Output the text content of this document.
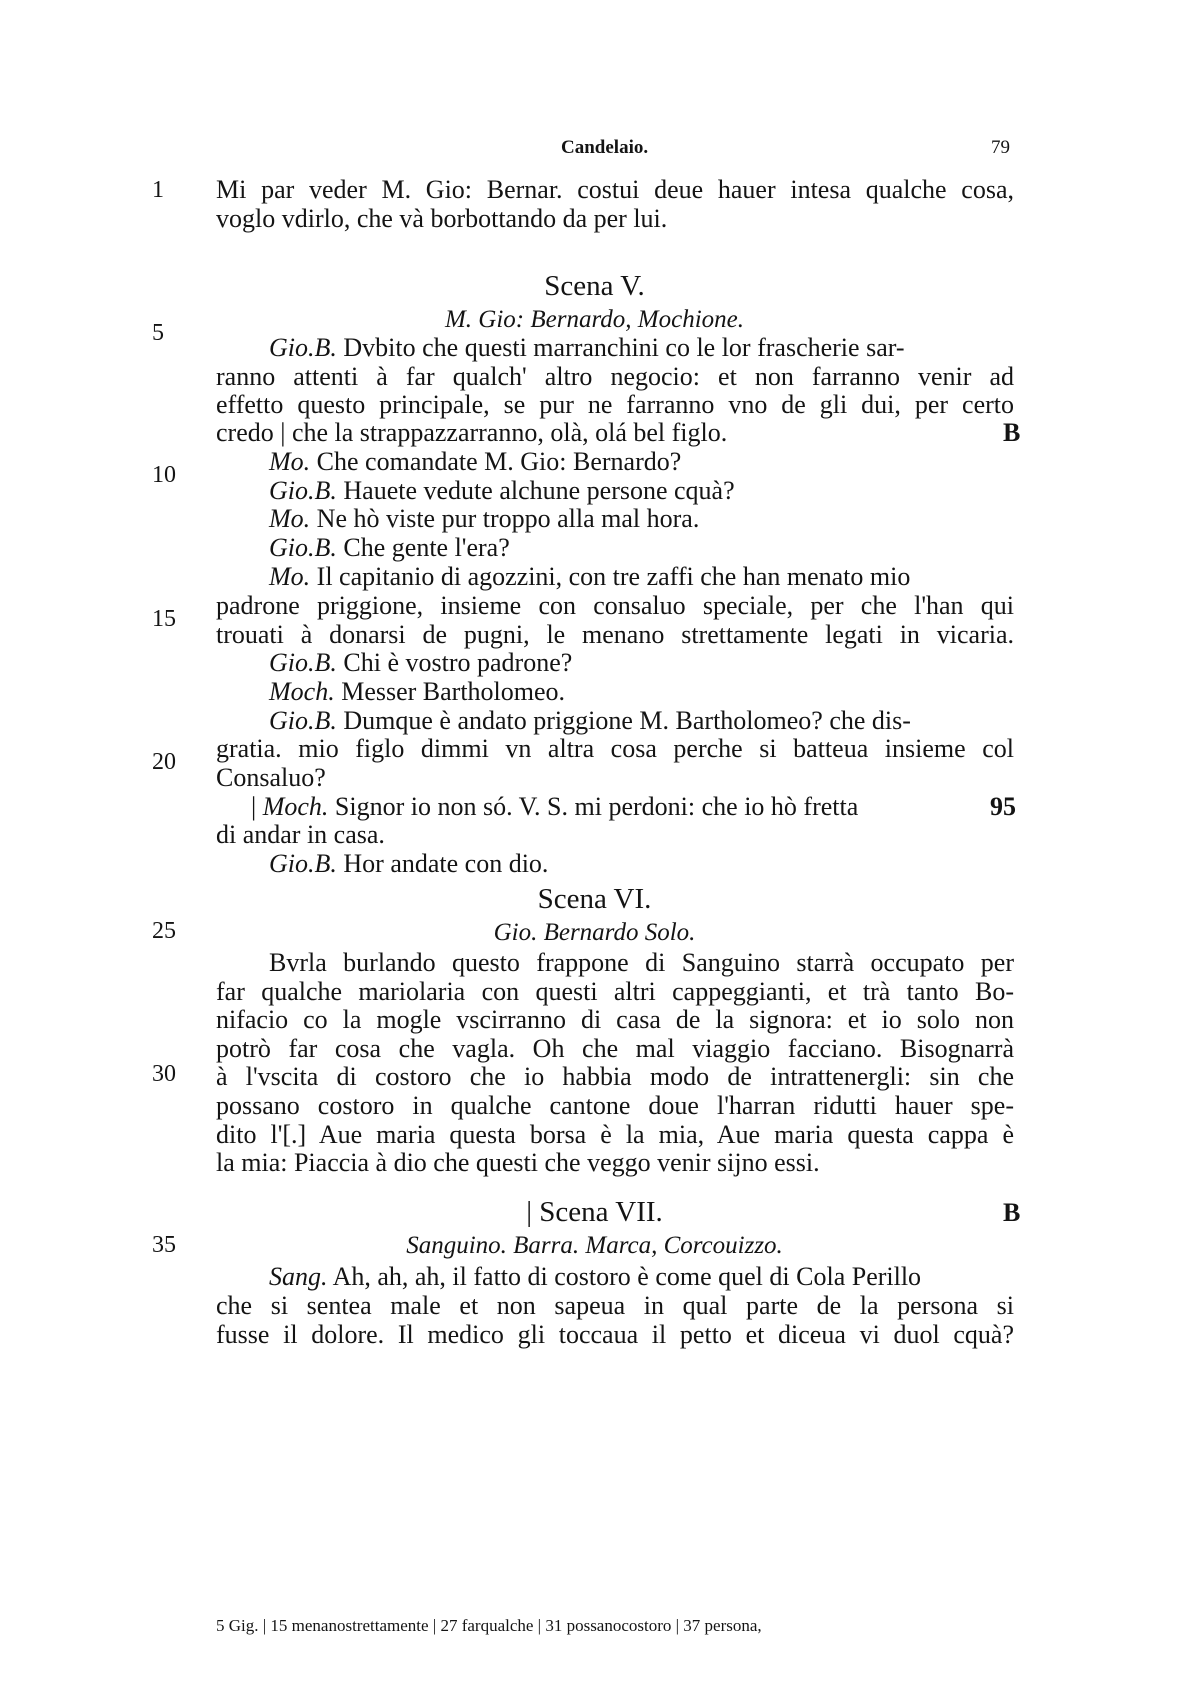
Candelaio.	79
1
5
10
15
20
25
30
35
Mi par veder M. Gio: Bernar. costui deue hauer intesa qualche cosa,
voglo vdirlo, che và borbottando da per lui.
Scena V.
M. Gio: Bernardo, Mochione.
Gio.B. Dvbito che questi marranchini co le lor frascherie sar-
ranno attenti à far qualch' altro negocio: et non farranno venir ad
effetto questo principale, se pur ne farranno vno de gli dui, per certo
credo | che la strappazzarranno, olà, olá bel figlo.	B
Mo. Che comandate M. Gio: Bernardo?
Gio.B. Hauete vedute alchune persone cquà?
Mo. Ne hò viste pur troppo alla mal hora.
Gio.B. Che gente l'era?
Mo. Il capitanio di agozzini, con tre zaffi che han menato mio
padrone priggione, insieme con consaluo speciale, per che l'han qui
trouati à donarsi de pugni, le menano strettamente legati in vicaria.
Gio.B. Chi è vostro padrone?
Moch. Messer Bartholomeo.
Gio.B. Dumque è andato priggione M. Bartholomeo? che dis-
gratia. mio figlo dimmi vn altra cosa perche si batteua insieme col
Consaluo?
| Moch. Signor io non só. V. S. mi perdoni: che io hò fretta	95
di andar in casa.
Gio.B. Hor andate con dio.
Scena VI.
Gio. Bernardo Solo.
Bvrla burlando questo frappone di Sanguino starrà occupato per
far qualche mariolaria con questi altri cappeggianti, et trà tanto Bo-
nifacio co la mogle vscirranno di casa de la signora: et io solo non
potrò far cosa che vagla. Oh che mal viaggio facciano. Bisognarrà
à l'vscita di costoro che io habbia modo de intrattenergli: sin che
possano costoro in qualche cantone doue l'harran ridutti hauer spe-
dito l'[.] Aue maria questa borsa è la mia, Aue maria questa cappa è
la mia: Piaccia à dio che questi che veggo venir sijno essi.
| Scena VII.	B
Sanguino. Barra. Marca, Corcouizzo.
Sang. Ah, ah, ah, il fatto di costoro è come quel di Cola Perillo
che si sentea male et non sapeua in qual parte de la persona si
fusse il dolore. Il medico gli toccaua il petto et diceua vi duol cquà?
5 Gig. | 15 menanostrettamente | 27 farqualche | 31 possanocostoro | 37 persona,
